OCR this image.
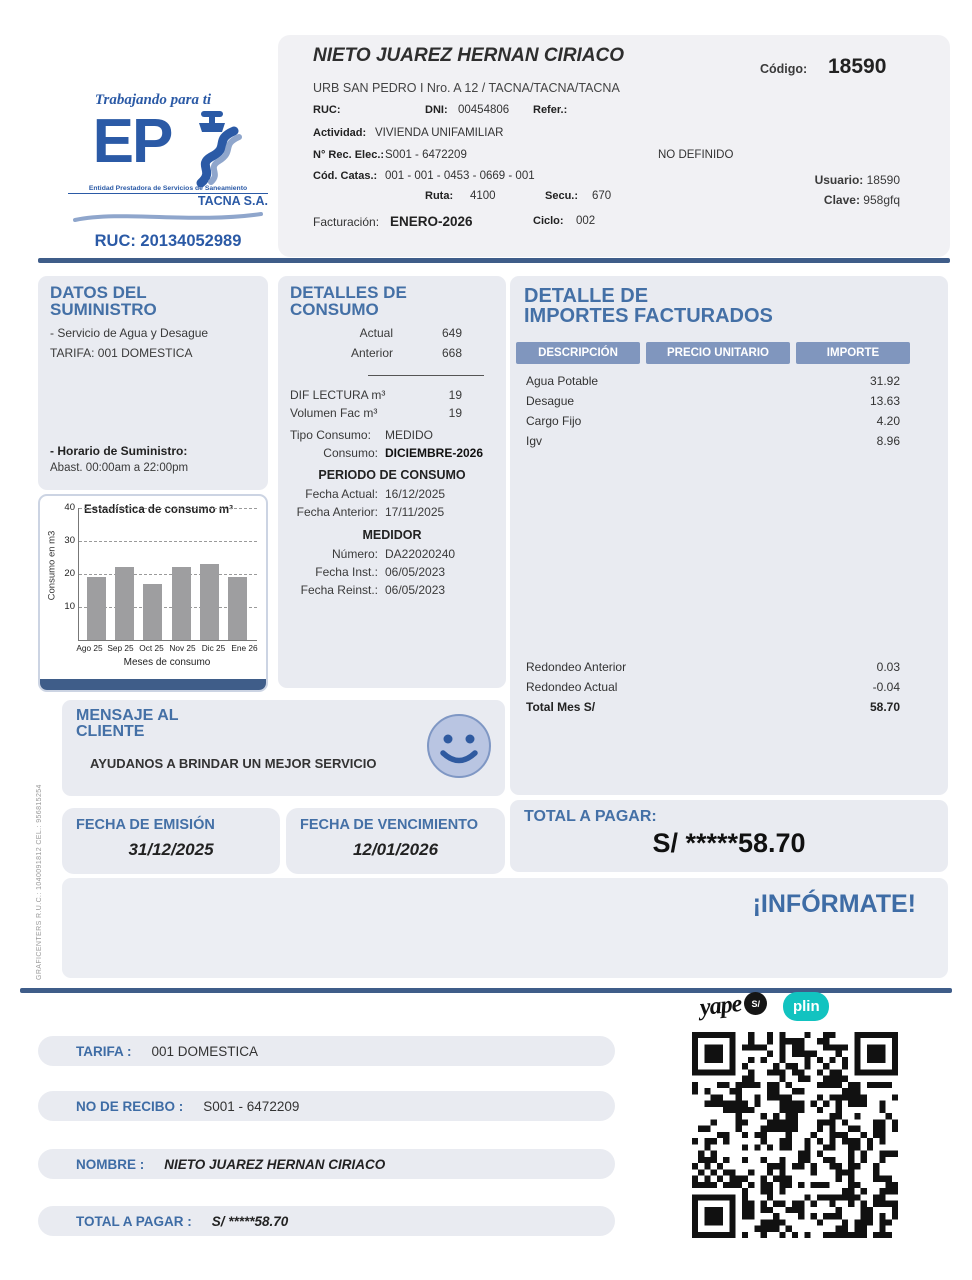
Trabajando para ti
EP
Entidad Prestadora de Servicios de Saneamiento
TACNA S.A.
RUC: 20134052989
NIETO JUAREZ HERNAN CIRIACO
Código: 18590
URB SAN PEDRO I Nro. A 12 / TACNA/TACNA/TACNA
RUC:	DNI: 00454806 Refer.:
Actividad: VIVIENDA UNIFAMILIAR
N° Rec. Elec.: S001 - 6472209	NO DEFINIDO
Cód. Catas.: 001 - 001 - 0453 - 0669 - 001
Ruta: 4100	Secu.: 670
Usuario: 18590
Clave: 958gfq
Facturación: ENERO-2026	Ciclo: 002
DATOS DEL SUMINISTRO
- Servicio de Agua y Desague
TARIFA: 001 DOMESTICA
- Horario de Suministro:
Abast. 00:00am a 22:00pm
Estadística de consumo m³
Consumo en m3
Ago 25 Sep 25 Oct 25 Nov 25 Dic 25 Ene 26
Meses de consumo
10
20
30
40
DETALLES DE CONSUMO
Actual	649
Anterior	668
DIF LECTURA m³	19
Volumen Fac m³	19
Tipo Consumo: MEDIDO
Consumo: DICIEMBRE-2026
PERIODO DE CONSUMO
Fecha Actual: 16/12/2025
Fecha Anterior: 17/11/2025
MEDIDOR
Número: DA22020240
Fecha Inst.: 06/05/2023
Fecha Reinst.: 06/05/2023
DETALLE DE
IMPORTES FACTURADOS
DESCRIPCIÓN	PRECIO UNITARIO	IMPORTE
Agua Potable	31.92
Desague	13.63
Cargo Fijo	4.20
Igv	8.96
Redondeo Anterior	0.03
Redondeo Actual	-0.04
Total Mes S/	58.70
MENSAJE AL
CLIENTE
AYUDANOS A BRINDAR UN MEJOR SERVICIO
FECHA DE EMISIÓN
31/12/2025
FECHA DE VENCIMIENTO
12/01/2026
TOTAL A PAGAR:
S/ *****58.70
¡INFÓRMATE!
GRAFICENTERS R.U.C.: 1040091812 CEL.: 956815254
yape	S/	plin
TARIFA : 001 DOMESTICA
NO DE RECIBO : S001 - 6472209
NOMBRE : NIETO JUAREZ HERNAN CIRIACO
TOTAL A PAGAR : S/ *****58.70
